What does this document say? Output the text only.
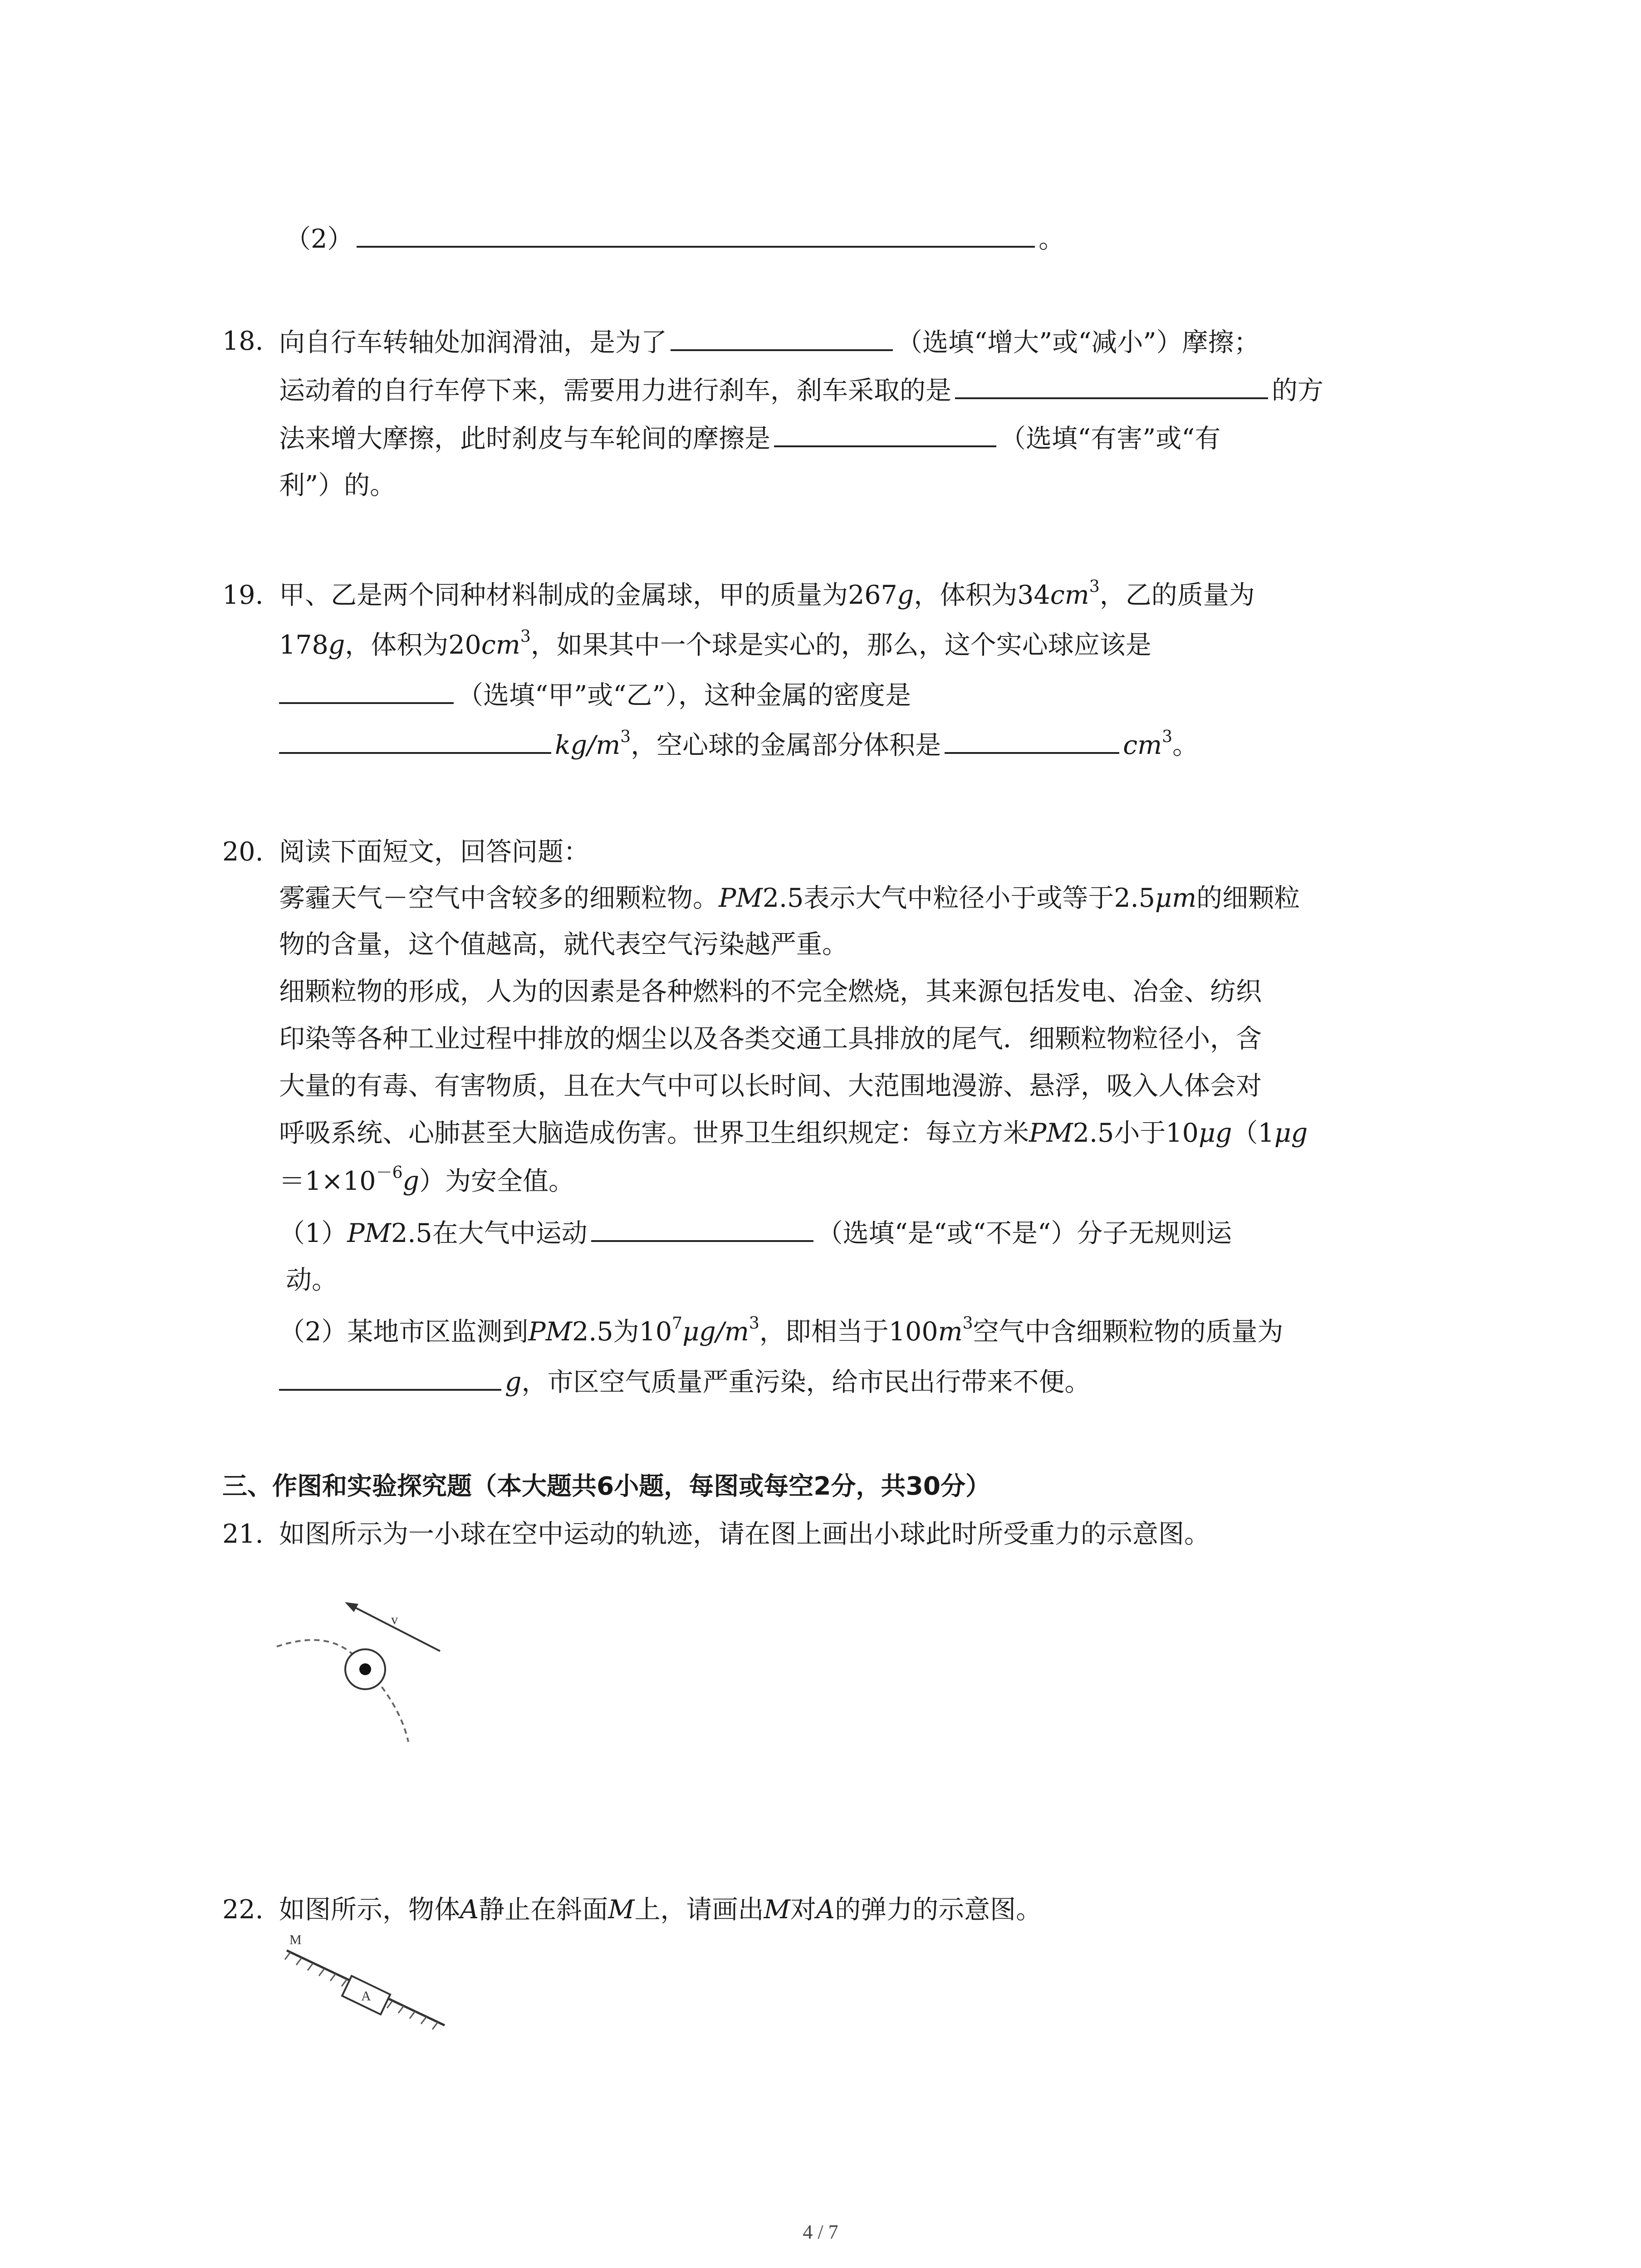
（2）	。
18. 向自行车转轴处加润滑油，是为了	（选填“增大”或“减小”）摩擦；
运动着的自行车停下来，需要用力进行刹车，刹车采取的是	的方
法来增大摩擦，此时刹皮与车轮间的摩擦是	（选填“有害”或“有
利”）的。
19. 甲、乙是两个同种材料制成的金属球，甲的质量为267g，体积为$34cm^3$，乙的质量为
178g，体积为$20cm^3$，如果其中一个球是实心的，那么，这个实心球应该是
（选填“甲”或“乙”），这种金属的密度是
$kg/m^3$，空心球的金属部分体积是	$cm^3$。
20. 阅读下面短文，回答问题：
雾霾天气－空气中含较多的细颗粒物。PM2.5表示大气中粒径小于或等于2.5μm的细颗粒
物的含量，这个值越高，就代表空气污染越严重。
细颗粒物的形成，人为的因素是各种燃料的不完全燃烧，其来源包括发电、冶金、纺织
印染等各种工业过程中排放的烟尘以及各类交通工具排放的尾气．细颗粒物粒径小，含
大量的有毒、有害物质，且在大气中可以长时间、大范围地漫游、悬浮，吸入人体会对
呼吸系统、心肺甚至大脑造成伤害。世界卫生组织规定：每立方米PM2.5小于10μg（1μg
$=1\times 10^{-6}g$）为安全值。
（1）PM2.5在大气中运动	（选填“是“或“不是“）分子无规则运
动。
（2）某地市区监测到PM2.5为$10^7\mu g/m^3$，即相当于$100m^3$空气中含细颗粒物的质量为
g，市区空气质量严重污染，给市民出行带来不便。
三、作图和实验探究题（本大题共6小题，每图或每空2分，共30分）
21. 如图所示为一小球在空中运动的轨迹，请在图上画出小球此时所受重力的示意图。
v
22. 如图所示，物体A静止在斜面M上，请画出M对A的弹力的示意图。
A
M
4 / 7
